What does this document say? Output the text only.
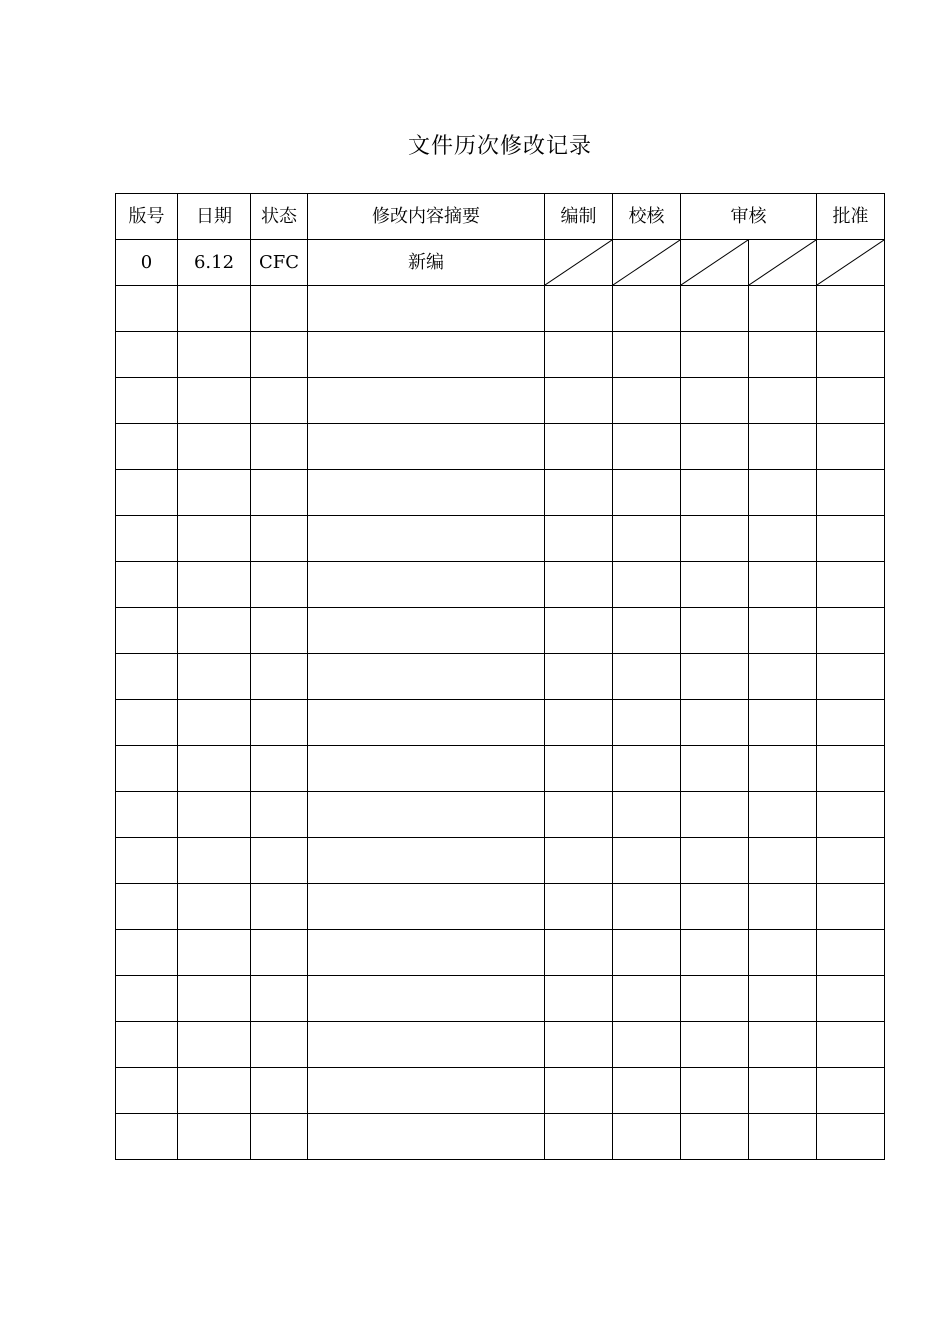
文件历次修改记录
版号	日期	状态	修改内容摘要	编制	校核	审核		批准
0	6.12	CFC	新编	
